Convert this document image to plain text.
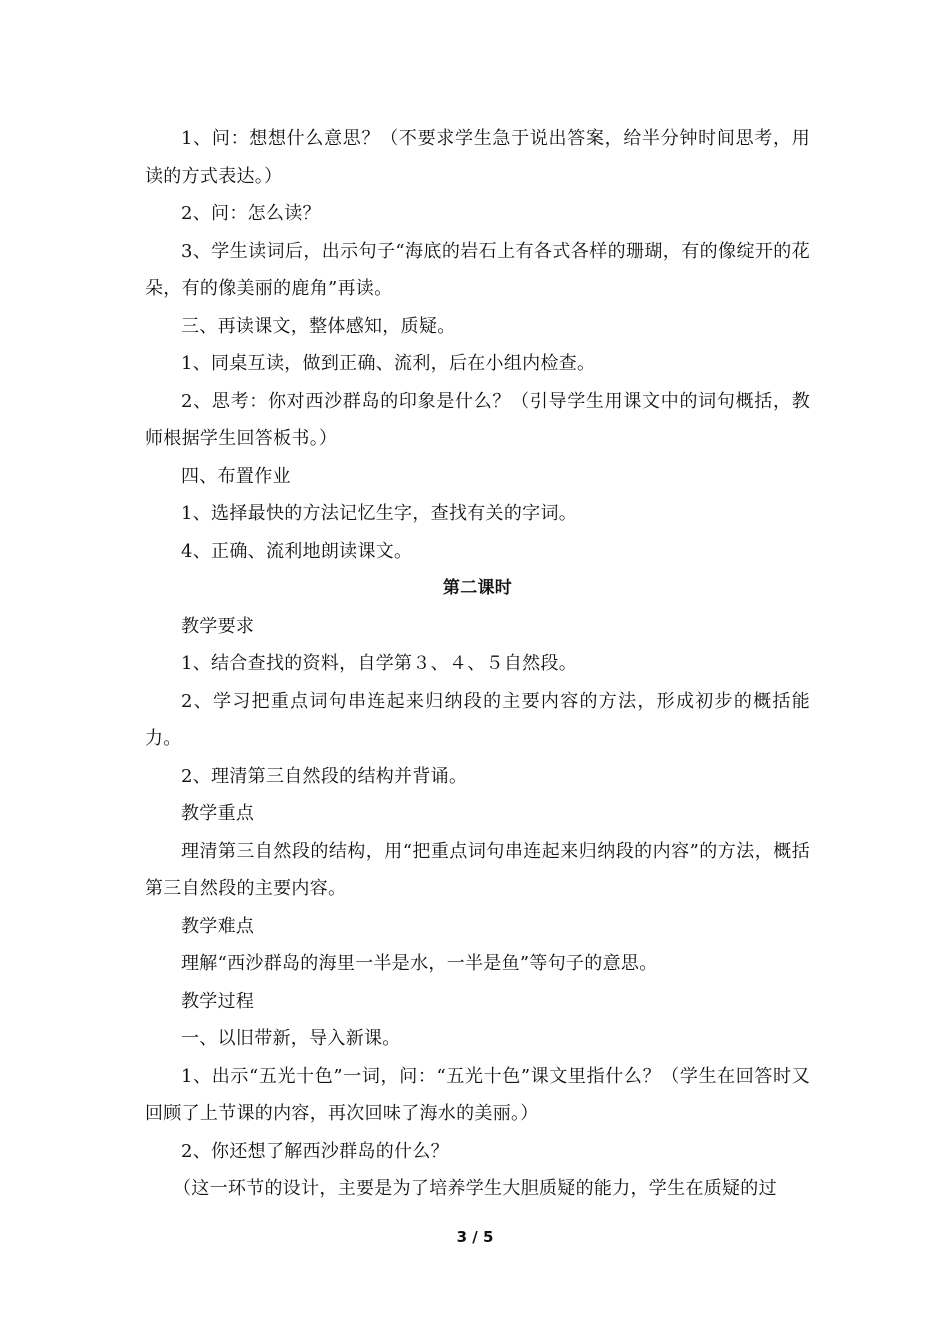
1、问：想想什么意思？（不要求学生急于说出答案，给半分钟时间思考，用读的方式表达。）

2、问：怎么读？

3、学生读词后，出示句子“海底的岩石上有各式各样的珊瑚，有的像绽开的花朵，有的像美丽的鹿角”再读。

三、再读课文，整体感知，质疑。

1、同桌互读，做到正确、流利，后在小组内检查。

2、思考：你对西沙群岛的印象是什么？（引导学生用课文中的词句概括，教师根据学生回答板书。）

四、布置作业

1、选择最快的方法记忆生字，查找有关的字词。

4、正确、流利地朗读课文。

第二课时

教学要求

1、结合查找的资料，自学第３、４、５自然段。

2、学习把重点词句串连起来归纳段的主要内容的方法，形成初步的概括能力。

2、理清第三自然段的结构并背诵。

教学重点

理清第三自然段的结构，用“把重点词句串连起来归纳段的内容”的方法，概括第三自然段的主要内容。

教学难点

理解“西沙群岛的海里一半是水，一半是鱼”等句子的意思。

教学过程

一、以旧带新，导入新课。

1、出示“五光十色”一词，问：“五光十色”课文里指什么？（学生在回答时又回顾了上节课的内容，再次回味了海水的美丽。）

2、你还想了解西沙群岛的什么？

（这一环节的设计，主要是为了培养学生大胆质疑的能力，学生在质疑的过

3 / 5
